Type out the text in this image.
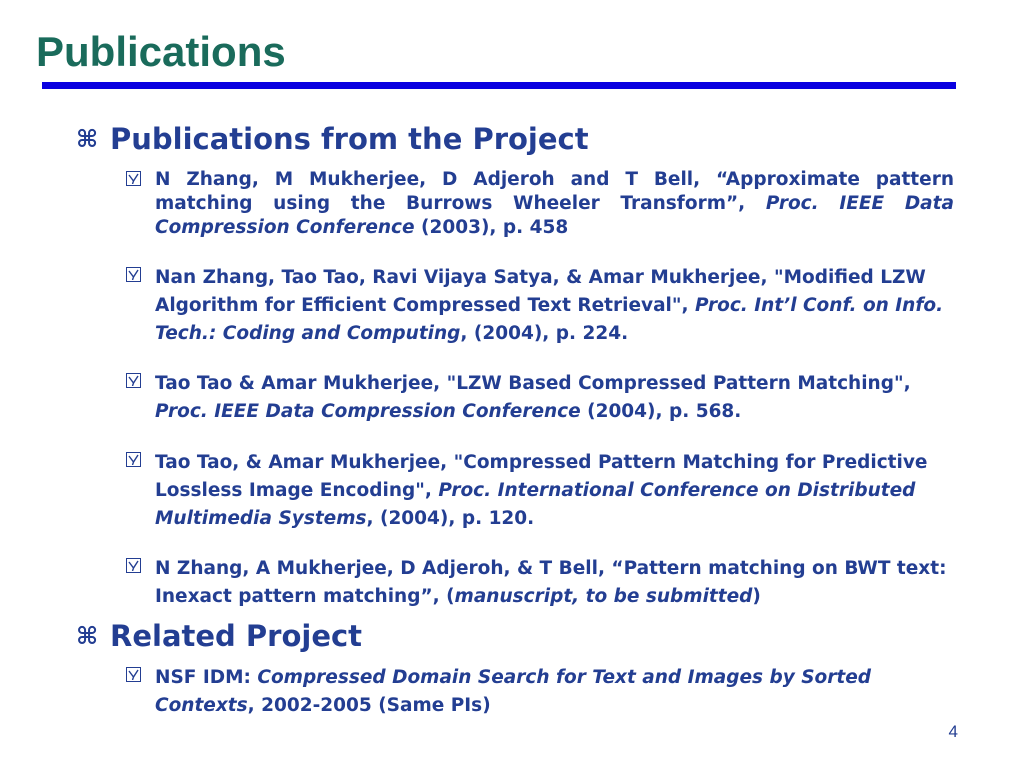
Publications
⌘ Publications from the Project
N Zhang, M Mukherjee, D Adjeroh and T Bell, “Approximate pattern matching using the Burrows Wheeler Transform”, Proc. IEEE Data Compression Conference (2003), p. 458
Nan Zhang, Tao Tao, Ravi Vijaya Satya, & Amar Mukherjee, "Modified LZW Algorithm for Efficient Compressed Text Retrieval", Proc. Int’l Conf. on Info. Tech.: Coding and Computing, (2004), p. 224.
Tao Tao & Amar Mukherjee, "LZW Based Compressed Pattern Matching", Proc. IEEE Data Compression Conference (2004), p. 568.
Tao Tao, & Amar Mukherjee, "Compressed Pattern Matching for Predictive Lossless Image Encoding", Proc. International Conference on Distributed Multimedia Systems, (2004), p. 120.
N Zhang, A Mukherjee, D Adjeroh, & T Bell, “Pattern matching on BWT text: Inexact pattern matching”, (manuscript, to be submitted)
⌘ Related Project
NSF IDM: Compressed Domain Search for Text and Images by Sorted Contexts, 2002-2005 (Same PIs)
4
